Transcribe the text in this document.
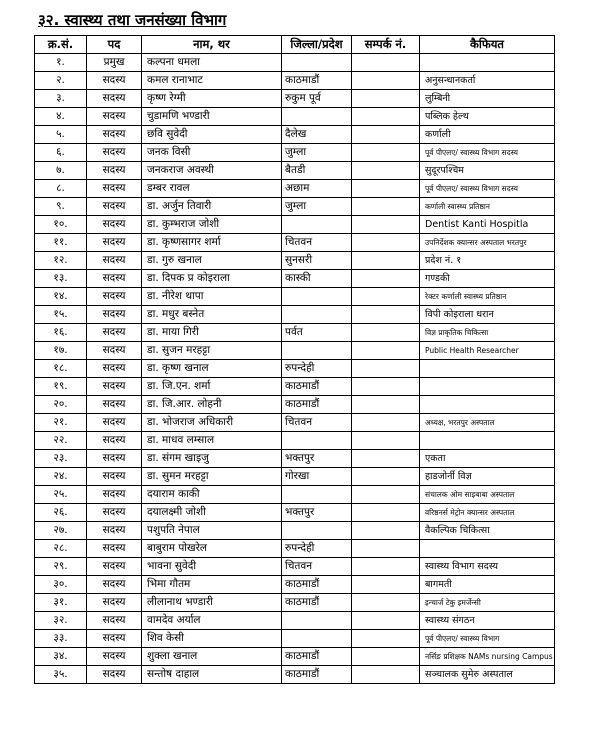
३२. स्वास्थ्य तथा जनसंख्या विभाग
क्र.सं.	पद	नाम, थर	जिल्ला/प्रदेश	सम्पर्क नं.	कैफियत
१.	प्रमुख	कल्पना धमला			
२.	सदस्य	कमल रानाभाट	काठमाडौं		अनुसन्धानकर्ता
३.	सदस्य	कृष्ण रेग्मी	रुकुम पूर्व		लुम्बिनी
४.	सदस्य	चुडामणि भण्डारी			पब्लिक हेल्थ
५.	सदस्य	छवि सुवेदी	दैलेख		कर्णाली
६.	सदस्य	जनक विसी	जुम्ला		पूर्व पीएलए/ स्वास्थ्य विभाग सदस्य
७.	सदस्य	जनकराज अवस्थी	बैतडी		सुदूरपश्चिम
८.	सदस्य	डम्बर रावल	अछाम		पूर्व पीएलए/ स्वास्थ्य विभाग सदस्य
९.	सदस्य	डा. अर्जुन तिवारी	जुम्ला		कर्णाली स्वास्थ्य प्रतिष्ठान
१०.	सदस्य	डा. कुम्भराज जोशी			Dentist Kanti Hospitla
११.	सदस्य	डा. कृष्णसागर शर्मा	चितवन		उपनिर्देशक क्यान्सर अस्पताल भरतपुर
१२.	सदस्य	डा. गुरु खनाल	सुनसरी		प्रदेश नं. १
१३.	सदस्य	डा. दिपक प्र कोइराला	कास्की		गण्डकी
१४.	सदस्य	डा. नीरेश थापा			रेक्टर कर्णाली स्वास्थ्य प्रतिष्ठान
१५.	सदस्य	डा. मधुर बस्नेत			विपी कोइराला धरान
१६.	सदस्य	डा. माया गिरी	पर्वत		विज्ञ प्राकृतिक चिकित्सा
१७.	सदस्य	डा. सुजन मरहट्टा			Public Health Researcher
१८.	सदस्य	डा. कृष्ण खनाल	रुपन्देही		
१९.	सदस्य	डा. जि.एन. शर्मा	काठमाडौं		
२०.	सदस्य	डा. जि.आर. लोहनी	काठमाडौं		
२१.	सदस्य	डा. भोजराज अधिकारी	चितवन		अध्यक्ष, भरतपुर अस्पताल
२२.	सदस्य	डा. माधव लम्साल			
२३.	सदस्य	डा. संगम खाइजु	भक्तपुर		एकता
२४.	सदस्य	डा. सुमन मरहट्टा	गोरखा		हाडजोर्नी विज्ञ
२५.	सदस्य	दयाराम काकी			संचालक ओम साइबाबा अस्पताल
२६.	सदस्य	दयालक्ष्मी जोशी	भक्तपुर		वरिष्ठनर्स मेट्रोन क्यान्सर अस्पताल
२७.	सदस्य	पशुपति नेपाल			वैकल्पिक चिकित्सा
२८.	सदस्य	बाबुराम पोखरेल	रुपन्देही		
२९.	सदस्य	भावना सुवेदी	चितवन		स्वास्थ्य विभाग सदस्य
३०.	सदस्य	भिमा गौतम	काठमाडौं		बागमती
३१.	सदस्य	लीलानाथ भण्डारी	काठमाडौं		इन्चार्ज टेकु इमर्जेन्सी
३२.	सदस्य	वामदेव अर्याल			स्वास्थ्य संगठन
३३.	सदस्य	शिव केसी			पूर्व पीएलए/ स्वास्थ्य विभाग
३४.	सदस्य	शुक्ला खनाल	काठमाडौं		नर्सिङ प्रशिक्षक NAMs nursing Campus
३५.	सदस्य	सन्तोष दाहाल	काठमाडौं		सञ्चालक सुमेरु अस्पताल
